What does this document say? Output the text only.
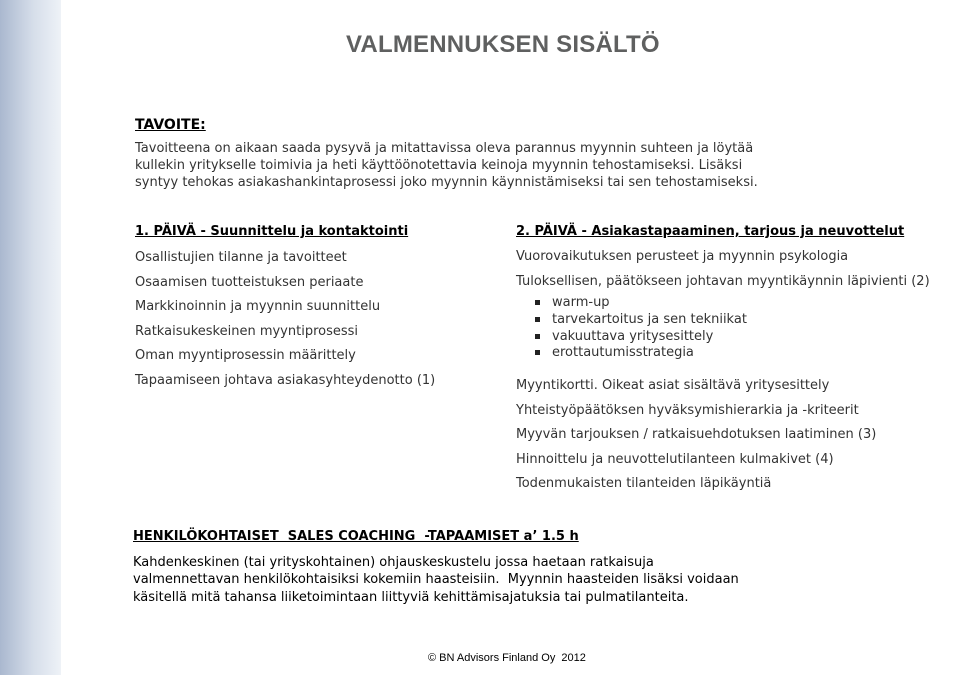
VALMENNUKSEN SISÄLTÖ
TAVOITE:
Tavoitteena on aikaan saada pysyvä ja mitattavissa oleva parannus myynnin suhteen ja löytää
kullekin yritykselle toimivia ja heti käyttöönotettavia keinoja myynnin tehostamiseksi. Lisäksi
syntyy tehokas asiakashankintaprosessi joko myynnin käynnistämiseksi tai sen tehostamiseksi.
1. PÄIVÄ - Suunnittelu ja kontaktointi
Osallistujien tilanne ja tavoitteet
Osaamisen tuotteistuksen periaate
Markkinoinnin ja myynnin suunnittelu
Ratkaisukeskeinen myyntiprosessi
Oman myyntiprosessin määrittely
Tapaamiseen johtava asiakasyhteydenotto (1)
2. PÄIVÄ - Asiakastapaaminen, tarjous ja neuvottelut
Vuorovaikutuksen perusteet ja myynnin psykologia
Tuloksellisen, päätökseen johtavan myyntikäynnin läpivienti (2)
warm-up
tarvekartoitus ja sen tekniikat
vakuuttava yritysesittely
erottautumisstrategia
Myyntikortti. Oikeat asiat sisältävä yritysesittely
Yhteistyöpäätöksen hyväksymishierarkia ja -kriteerit
Myyvän tarjouksen / ratkaisuehdotuksen laatiminen (3)
Hinnoittelu ja neuvottelutilanteen kulmakivet (4)
Todenmukaisten tilanteiden läpikäyntiä
HENKILÖKOHTAISET  SALES COACHING  -TAPAAMISET a’ 1.5 h
Kahdenkeskinen (tai yrityskohtainen) ohjauskeskustelu jossa haetaan ratkaisuja
valmennettavan henkilökohtaisiksi kokemiin haasteisiin.  Myynnin haasteiden lisäksi voidaan
käsitellä mitä tahansa liiketoimintaan liittyviä kehittämisajatuksia tai pulmatilanteita.
© BN Advisors Finland Oy  2012
